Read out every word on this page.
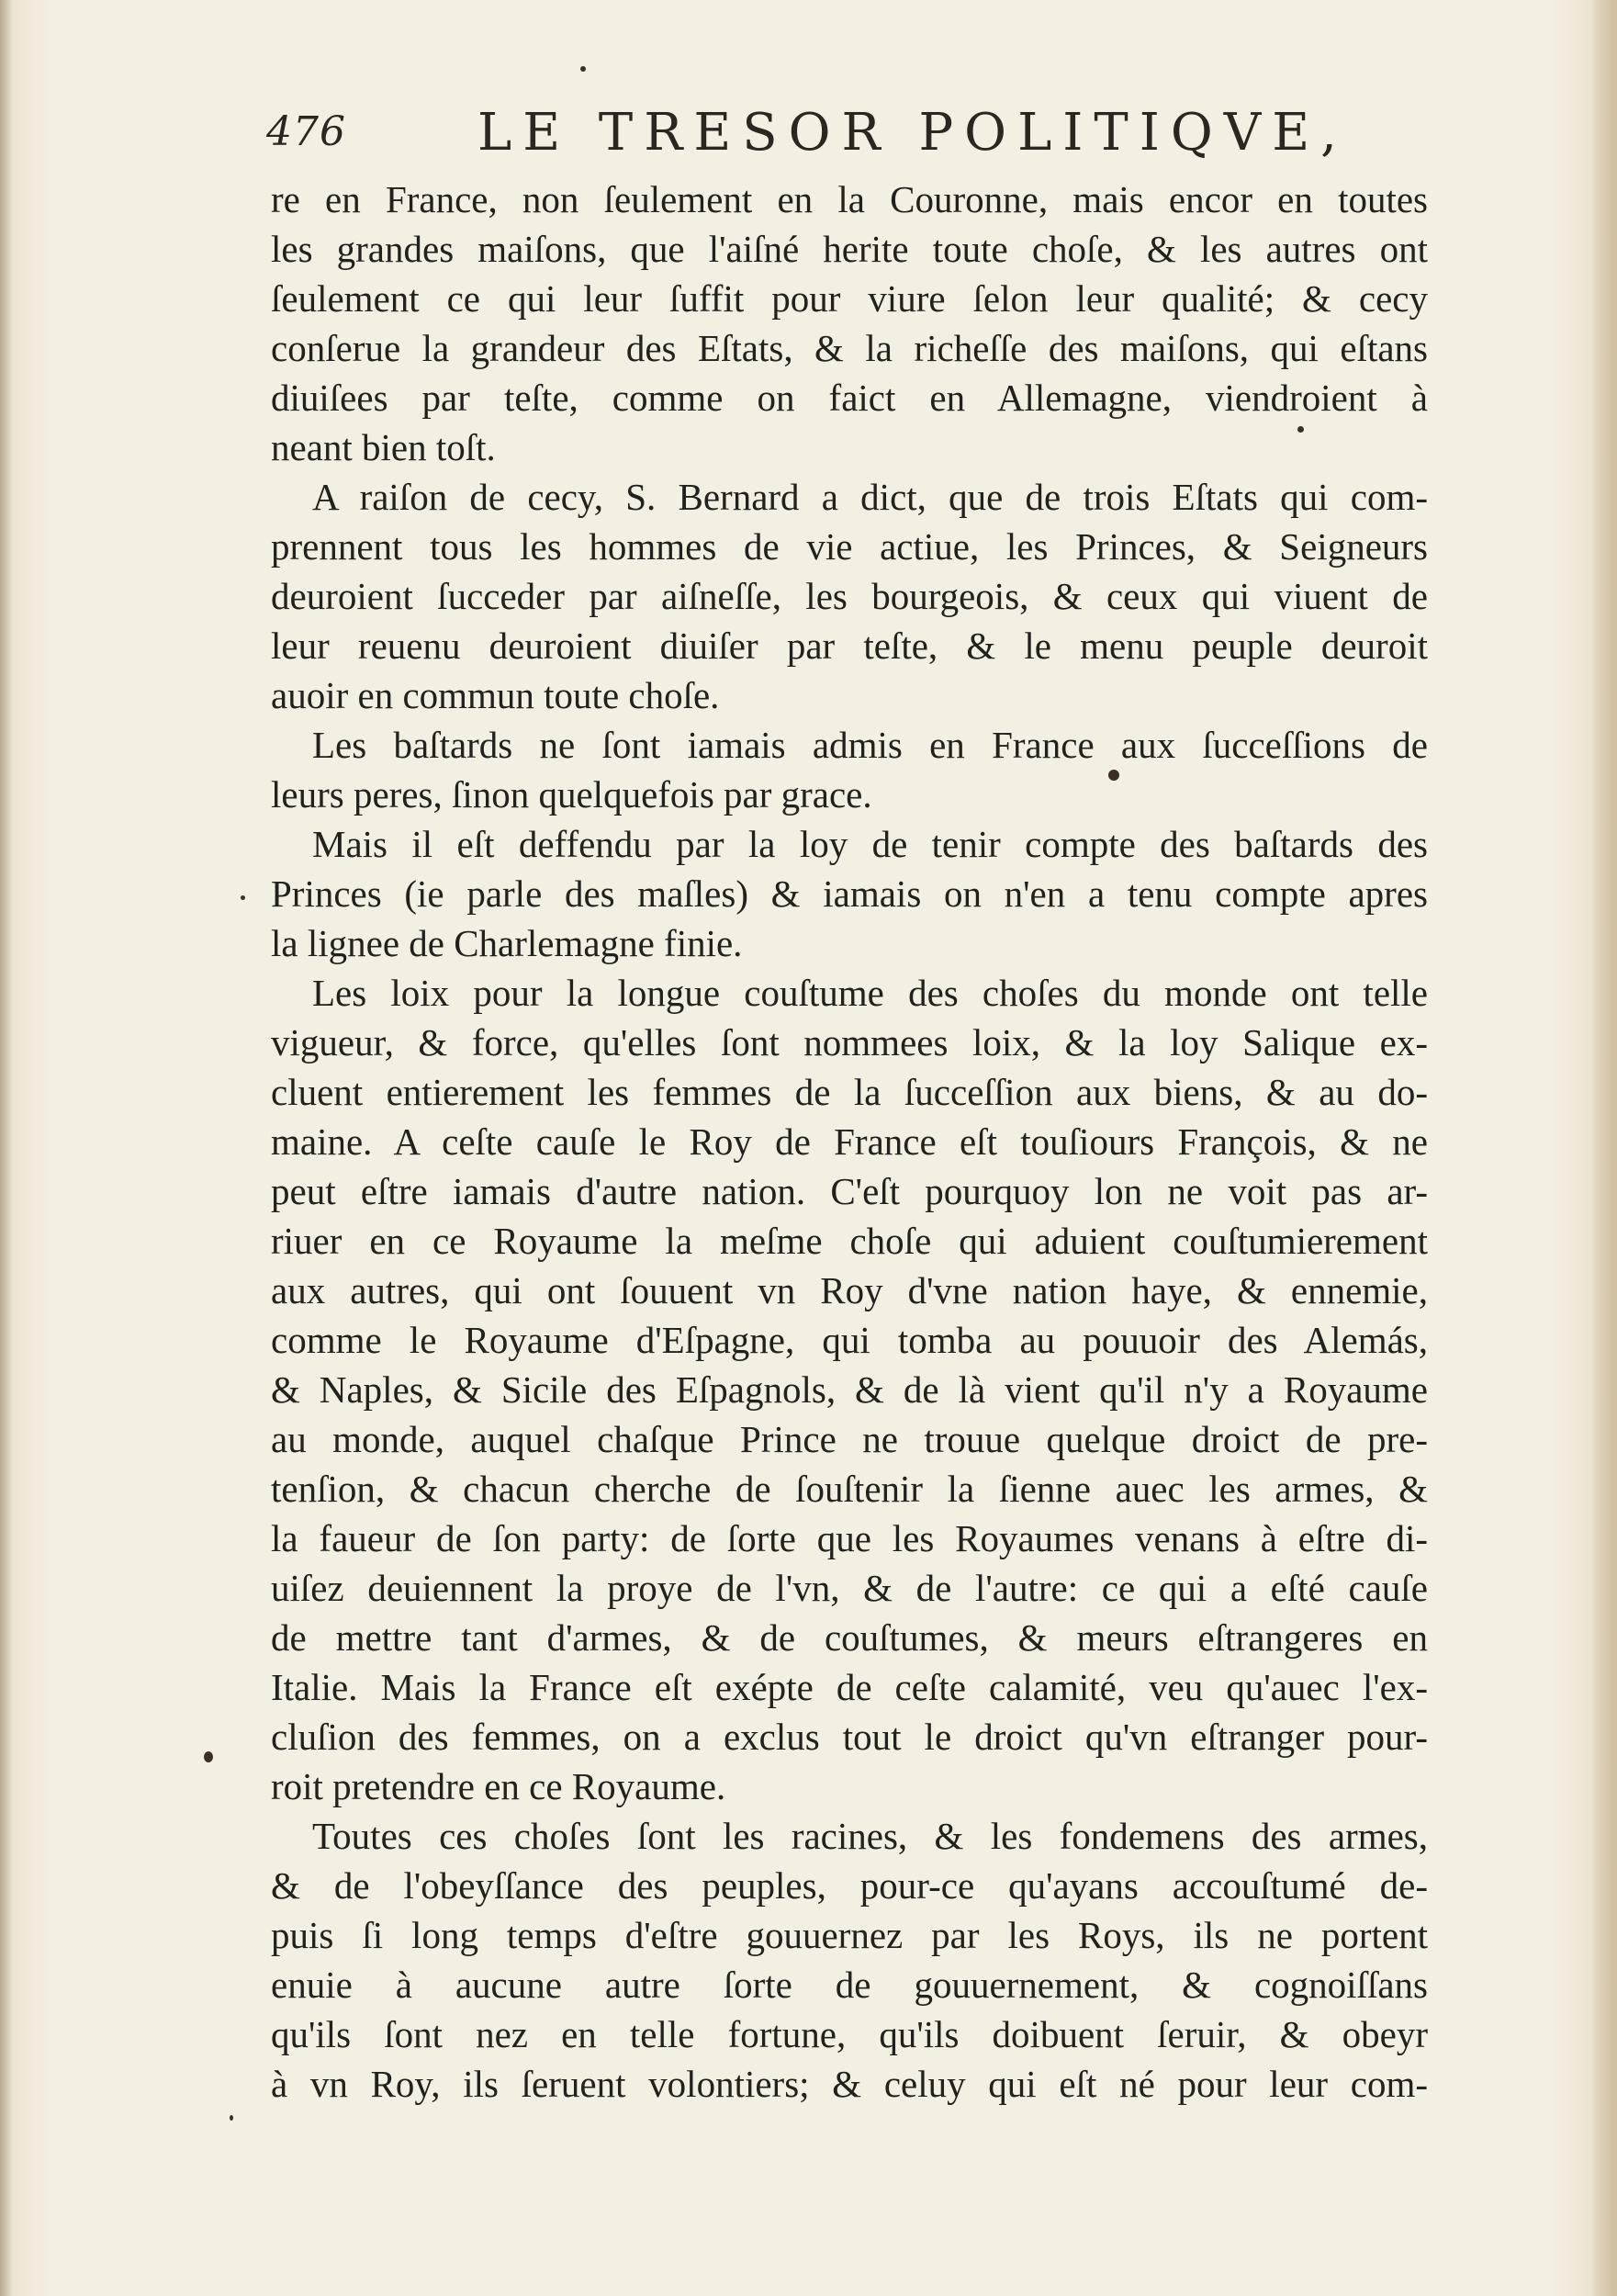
476	LE TRESOR POLITIQVE,
re en France, non ſeulement en la Couronne, mais encor en toutes
les grandes maiſons, que l'aiſné herite toute choſe, & les autres ont
ſeulement ce qui leur ſuffit pour viure ſelon leur qualité; & cecy
conſerue la grandeur des Eſtats, & la richeſſe des maiſons, qui eſtans
diuiſees par teſte, comme on faict en Allemagne, viendroient à
neant bien toſt.
A raiſon de cecy, S. Bernard a dict, que de trois Eſtats qui com-
prennent tous les hommes de vie actiue, les Princes, & Seigneurs
deuroient ſucceder par aiſneſſe, les bourgeois, & ceux qui viuent de
leur reuenu deuroient diuiſer par teſte, & le menu peuple deuroit
auoir en commun toute choſe.
Les baſtards ne ſont iamais admis en France aux ſucceſſions de
leurs peres, ſinon quelquefois par grace.
Mais il eſt deffendu par la loy de tenir compte des baſtards des
Princes (ie parle des maſles) & iamais on n'en a tenu compte apres
la lignee de Charlemagne finie.
Les loix pour la longue couſtume des choſes du monde ont telle
vigueur, & force, qu'elles ſont nommees loix, & la loy Salique ex-
cluent entierement les femmes de la ſucceſſion aux biens, & au do-
maine. A ceſte cauſe le Roy de France eſt touſiours François, & ne
peut eſtre iamais d'autre nation. C'eſt pourquoy lon ne voit pas ar-
riuer en ce Royaume la meſme choſe qui aduient couſtumierement
aux autres, qui ont ſouuent vn Roy d'vne nation haye, & ennemie,
comme le Royaume d'Eſpagne, qui tomba au pouuoir des Alemás,
& Naples, & Sicile des Eſpagnols, & de là vient qu'il n'y a Royaume
au monde, auquel chaſque Prince ne trouue quelque droict de pre-
tenſion, & chacun cherche de ſouſtenir la ſienne auec les armes, &
la faueur de ſon party: de ſorte que les Royaumes venans à eſtre di-
uiſez deuiennent la proye de l'vn, & de l'autre: ce qui a eſté cauſe
de mettre tant d'armes, & de couſtumes, & meurs eſtrangeres en
Italie. Mais la France eſt exépte de ceſte calamité, veu qu'auec l'ex-
cluſion des femmes, on a exclus tout le droict qu'vn eſtranger pour-
roit pretendre en ce Royaume.
Toutes ces choſes ſont les racines, & les fondemens des armes,
& de l'obeyſſance des peuples, pour-ce qu'ayans accouſtumé de-
puis ſi long temps d'eſtre gouuernez par les Roys, ils ne portent
enuie à aucune autre ſorte de gouuernement, & cognoiſſans
qu'ils ſont nez en telle fortune, qu'ils doibuent ſeruir, & obeyr
à vn Roy, ils ſeruent volontiers; & celuy qui eſt né pour leur com-
